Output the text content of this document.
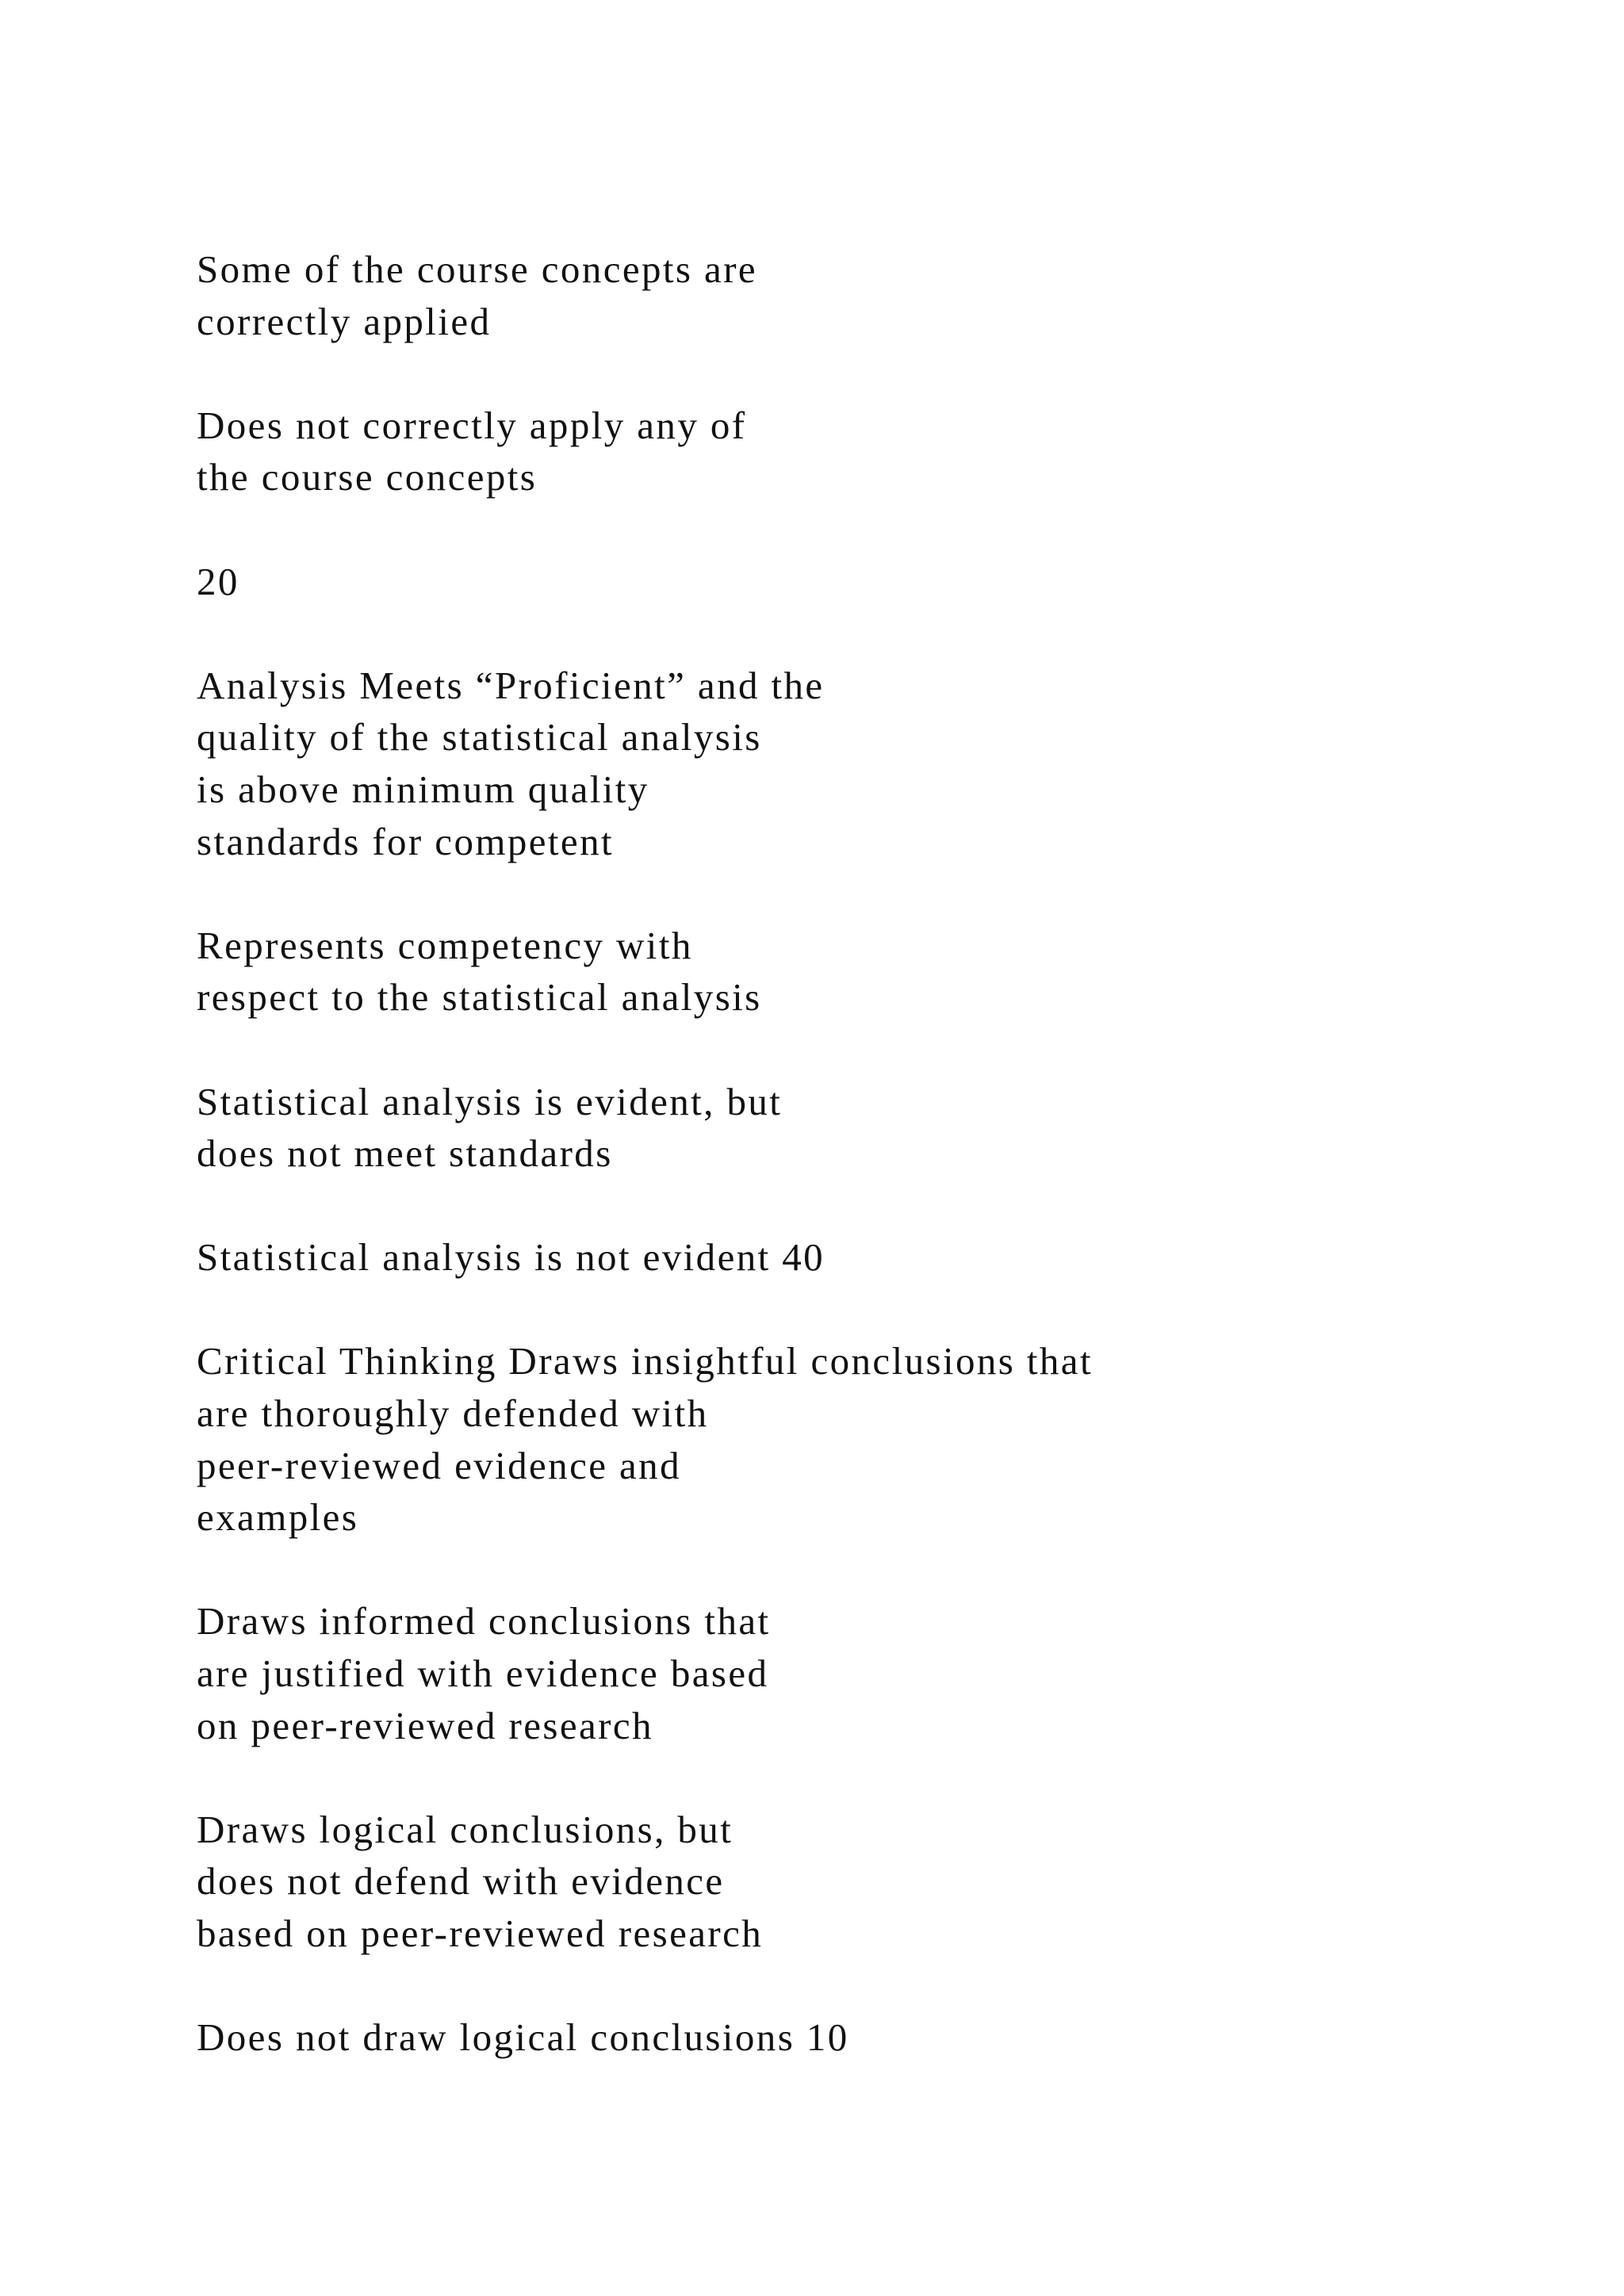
Some of the course concepts are
correctly applied

Does not correctly apply any of
the course concepts

20

Analysis Meets “Proficient” and the
quality of the statistical analysis
is above minimum quality
standards for competent

Represents competency with
respect to the statistical analysis

Statistical analysis is evident, but
does not meet standards

Statistical analysis is not evident 40

Critical Thinking Draws insightful conclusions that
are thoroughly defended with
peer-reviewed evidence and
examples

Draws informed conclusions that
are justified with evidence based
on peer-reviewed research

Draws logical conclusions, but
does not defend with evidence
based on peer-reviewed research

Does not draw logical conclusions 10
